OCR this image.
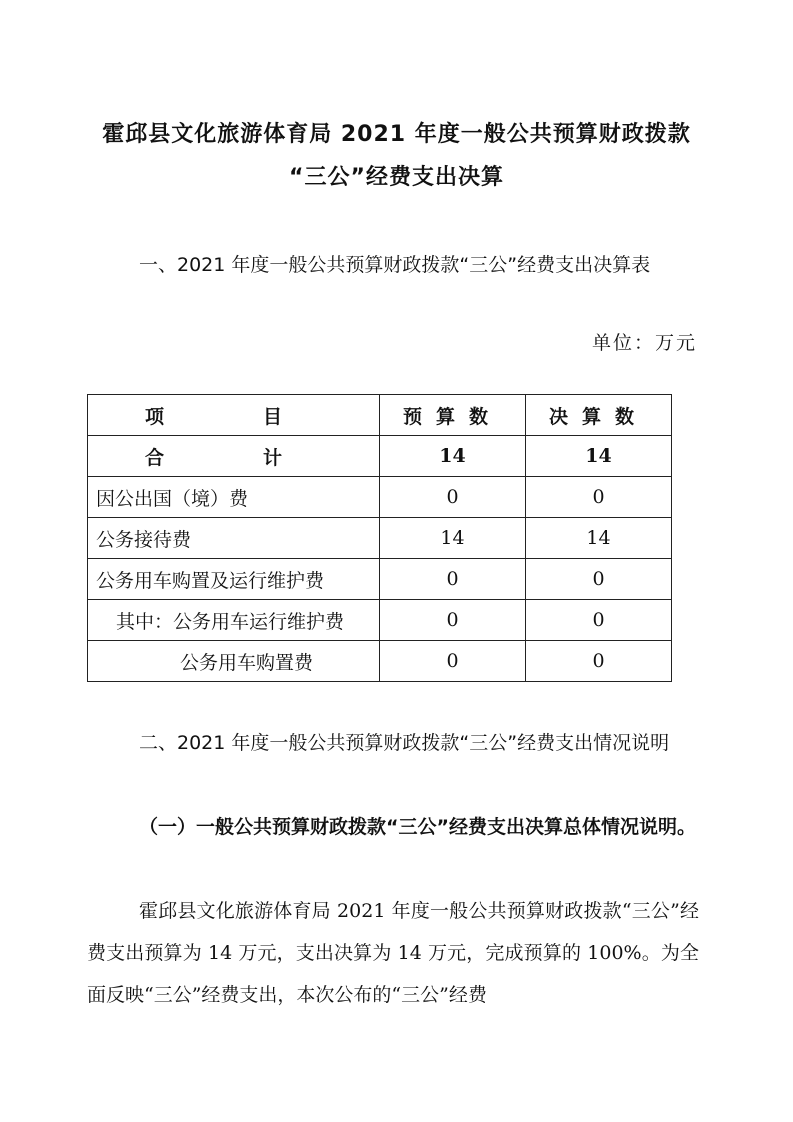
霍邱县文化旅游体育局 2021 年度一般公共预算财政拨款
“三公”经费支出决算
一、2021 年度一般公共预算财政拨款“三公”经费支出决算表
单位：万元
项　目	预算数	决算数
合　计	14	14
因公出国（境）费	0	0
公务接待费	14	14
公务用车购置及运行维护费	0	0
其中：公务用车运行维护费	0	0
公务用车购置费	0	0
二、2021 年度一般公共预算财政拨款“三公”经费支出情况说明
（一）一般公共预算财政拨款“三公”经费支出决算总体情况说明。
霍邱县文化旅游体育局 2021 年度一般公共预算财政拨款“三公”经费支出预算为 14 万元，支出决算为 14 万元，完成预算的 100%。为全面反映“三公”经费支出，本次公布的“三公”经费
